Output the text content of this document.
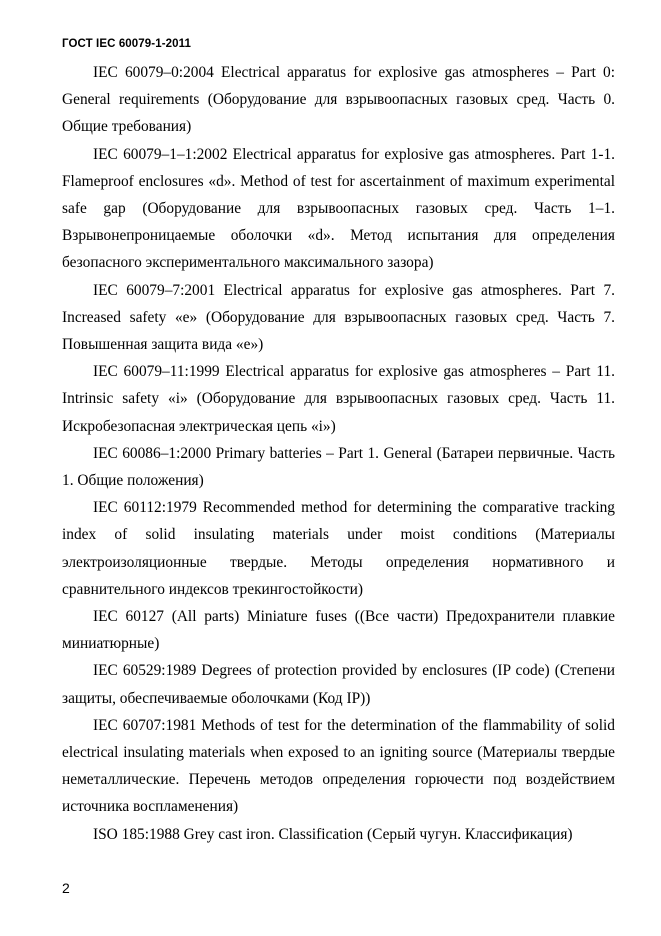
ГОСТ IEC 60079-1-2011

IEC 60079–0:2004 Electrical apparatus for explosive gas atmospheres – Part 0: General requirements (Оборудование для взрывоопасных газовых сред. Часть 0. Общие требования)

IEC 60079–1–1:2002 Electrical apparatus for explosive gas atmospheres. Part 1-1. Flameproof enclosures «d». Method of test for ascertainment of maximum experimental safe gap (Оборудование для взрывоопасных газовых сред. Часть 1–1. Взрывонепроницаемые оболочки «d». Метод испытания для определения безопасного экспериментального максимального зазора)

IEC 60079–7:2001 Electrical apparatus for explosive gas atmospheres. Part 7. Increased safety «e» (Оборудование для взрывоопасных газовых сред. Часть 7. Повышенная защита вида «e»)

IEC 60079–11:1999 Electrical apparatus for explosive gas atmospheres – Part 11. Intrinsic safety «i» (Оборудование для взрывоопасных газовых сред. Часть 11. Искробезопасная электрическая цепь «i»)

IEC 60086–1:2000 Primary batteries – Part 1. General (Батареи первичные. Часть 1. Общие положения)

IEC 60112:1979 Recommended method for determining the comparative tracking index of solid insulating materials under moist conditions (Материалы электроизоляционные твердые. Методы определения нормативного и сравнительного индексов трекингостойкости)

IEC 60127 (All parts) Miniature fuses ((Все части) Предохранители плавкие миниатюрные)

IEC 60529:1989 Degrees of protection provided by enclosures (IP code) (Степени защиты, обеспечиваемые оболочками (Код IP))

IEC 60707:1981 Methods of test for the determination of the flammability of solid electrical insulating materials when exposed to an igniting source (Материалы твердые неметаллические. Перечень методов определения горючести под воздействием источника воспламенения)

ISO 185:1988 Grey cast iron. Classification (Серый чугун. Классификация)

2
